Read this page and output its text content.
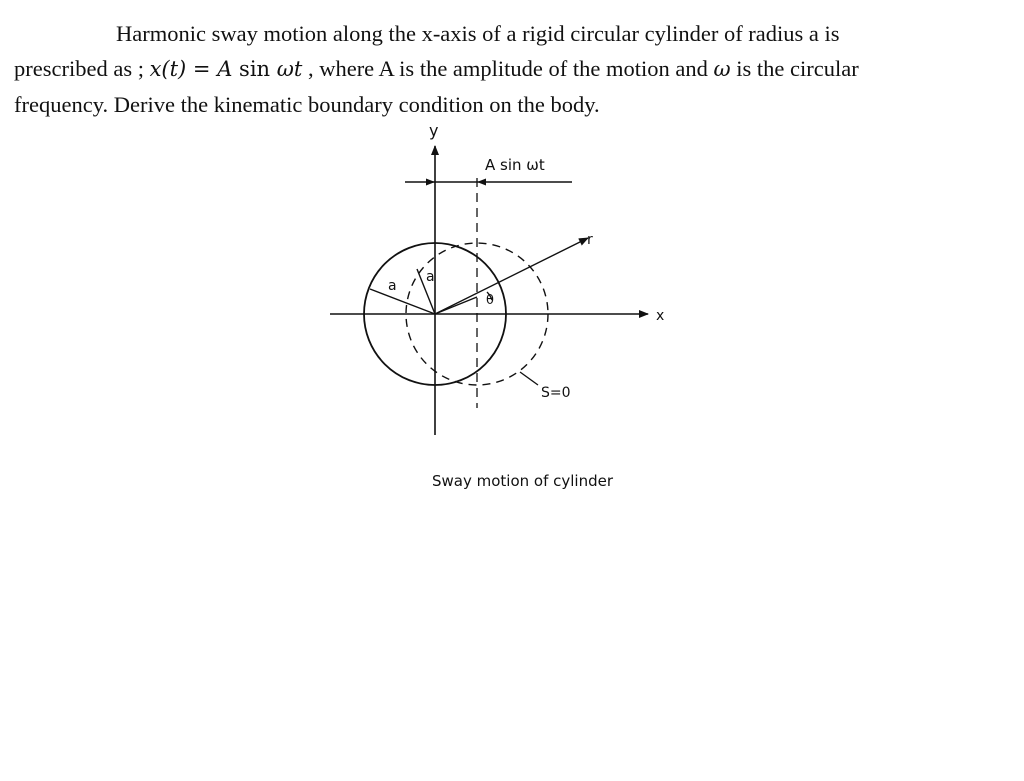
Harmonic sway motion along the x-axis of a rigid circular cylinder of radius a is
prescribed as ; x(t) = A sin ωt , where A is the amplitude of the motion and ω is the circular
frequency. Derive the kinematic boundary condition on the body.
y
x
A sin ωt
r
θ
a
a
S=0
Sway motion of cylinder
